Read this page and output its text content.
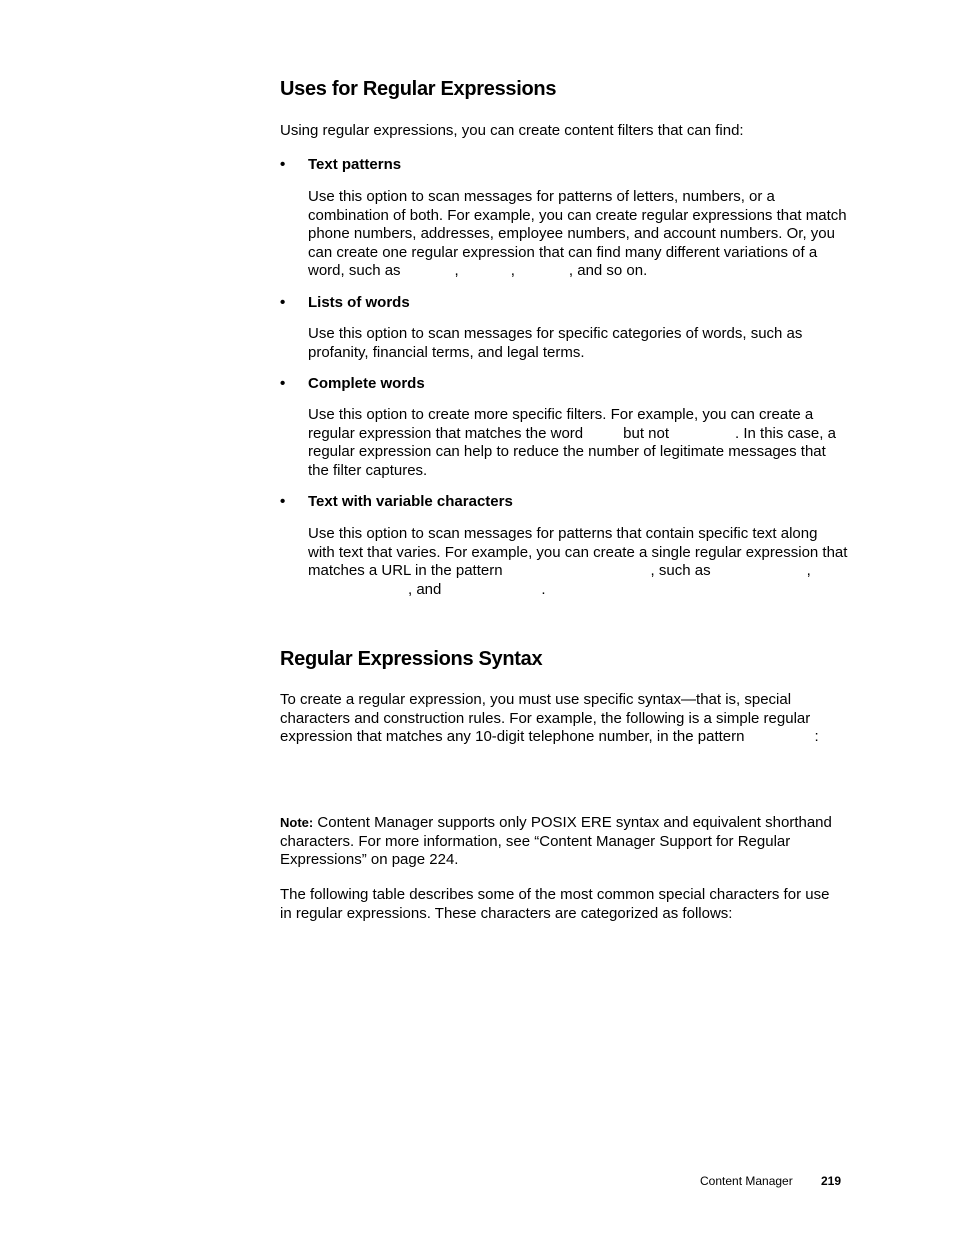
Uses for Regular Expressions

Using regular expressions, you can create content filters that can find:

• Text patterns

Use this option to scan messages for patterns of letters, numbers, or a combination of both. For example, you can create regular expressions that match phone numbers, addresses, employee numbers, and account numbers. Or, you can create one regular expression that can find many different variations of a word, such as	,	,	, and so on.

• Lists of words

Use this option to scan messages for specific categories of words, such as profanity, financial terms, and legal terms.

• Complete words

Use this option to create more specific filters. For example, you can create a regular expression that matches the word	but not	. In this case, a regular expression can help to reduce the number of legitimate messages that the filter captures.

• Text with variable characters

Use this option to scan messages for patterns that contain specific text along with text that varies. For example, you can create a single regular expression that matches a URL in the pattern	, such as	,, and	.

Regular Expressions Syntax

To create a regular expression, you must use specific syntax—that is, special characters and construction rules. For example, the following is a simple regular expression that matches any 10-digit telephone number, in the pattern	:

Note: Content Manager supports only POSIX ERE syntax and equivalent shorthand characters. For more information, see “Content Manager Support for Regular Expressions” on page 224.

The following table describes some of the most common special characters for use in regular expressions. These characters are categorized as follows:

Content Manager 219
